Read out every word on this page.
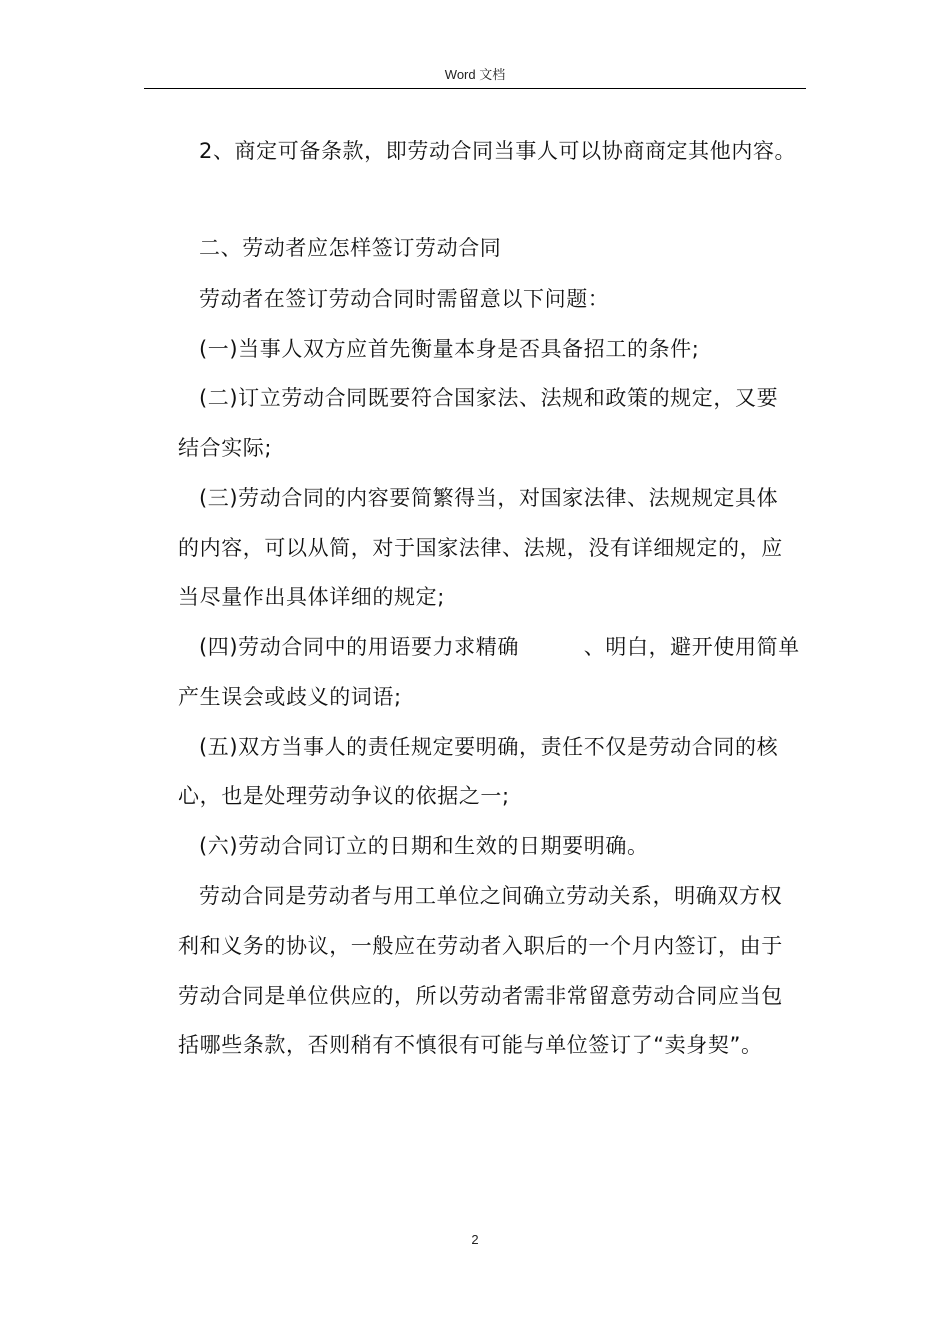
Word 文档
2、商定可备条款，即劳动合同当事人可以协商商定其他内容。
二、劳动者应怎样签订劳动合同
劳动者在签订劳动合同时需留意以下问题：
(一)当事人双方应首先衡量本身是否具备招工的条件;
(二)订立劳动合同既要符合国家法、法规和政策的规定，又要
结合实际;
(三)劳动合同的内容要简繁得当，对国家法律、法规规定具体
的内容，可以从简，对于国家法律、法规，没有详细规定的，应
当尽量作出具体详细的规定;
(四)劳动合同中的用语要力求精确　　　、明白，避开使用简单
产生误会或歧义的词语;
(五)双方当事人的责任规定要明确，责任不仅是劳动合同的核
心，也是处理劳动争议的依据之一;
(六)劳动合同订立的日期和生效的日期要明确。
劳动合同是劳动者与用工单位之间确立劳动关系，明确双方权
利和义务的协议，一般应在劳动者入职后的一个月内签订，由于
劳动合同是单位供应的，所以劳动者需非常留意劳动合同应当包
括哪些条款，否则稍有不慎很有可能与单位签订了“卖身契”。
2
